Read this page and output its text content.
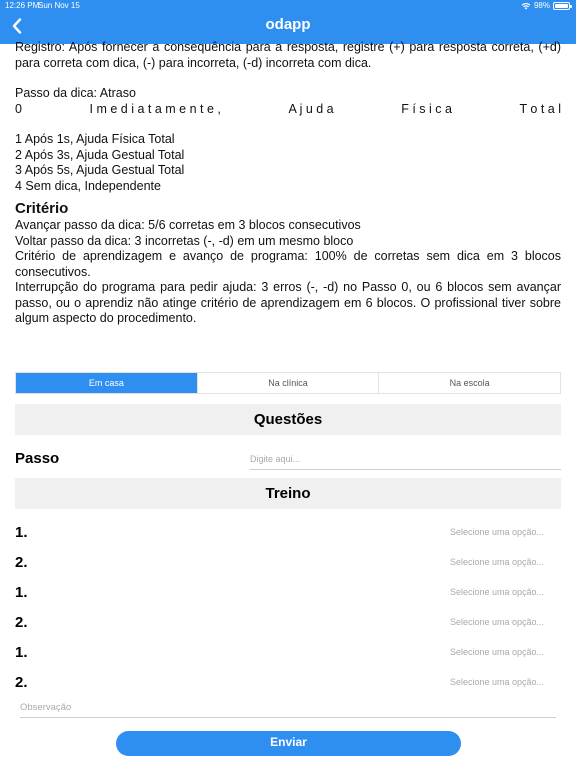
12:26 PM
Sun Nov 15	98%
odapp

Registro: Após fornecer a consequência para a resposta, registre (+) para resposta correta, (+d) para correta com dica, (-) para incorreta, (-d) incorreta com dica.

Passo da dica: Atraso

0	I m e d i a t a m e n t e ,	A j u d a	F í s i c a	T o t a l

1 Após 1s, Ajuda Física Total

2 Após 3s, Ajuda Gestual Total

3 Após 5s, Ajuda Gestual Total

4 Sem dica, Independente

Critério

Avançar passo da dica: 5/6 corretas em 3 blocos consecutivos

Voltar passo da dica: 3 incorretas (-, -d) em um mesmo bloco

Critério de aprendizagem e avanço de programa: 100% de corretas sem dica em 3 blocos consecutivos.

Interrupção do programa para pedir ajuda: 3 erros (-, -d) no Passo 0, ou 6 blocos sem avançar passo, ou o aprendiz não atinge critério de aprendizagem em 6 blocos. O profissional tiver sobre algum aspecto do procedimento.

Em casa	Na clínica	Na escola
Questões
Passo
Digite aqui...
Treino
1.	Selecione uma opção...
2.	Selecione uma opção...
1.	Selecione uma opção...
2.	Selecione uma opção...
1.	Selecione uma opção...
2.	Selecione uma opção...
Observação
Enviar
